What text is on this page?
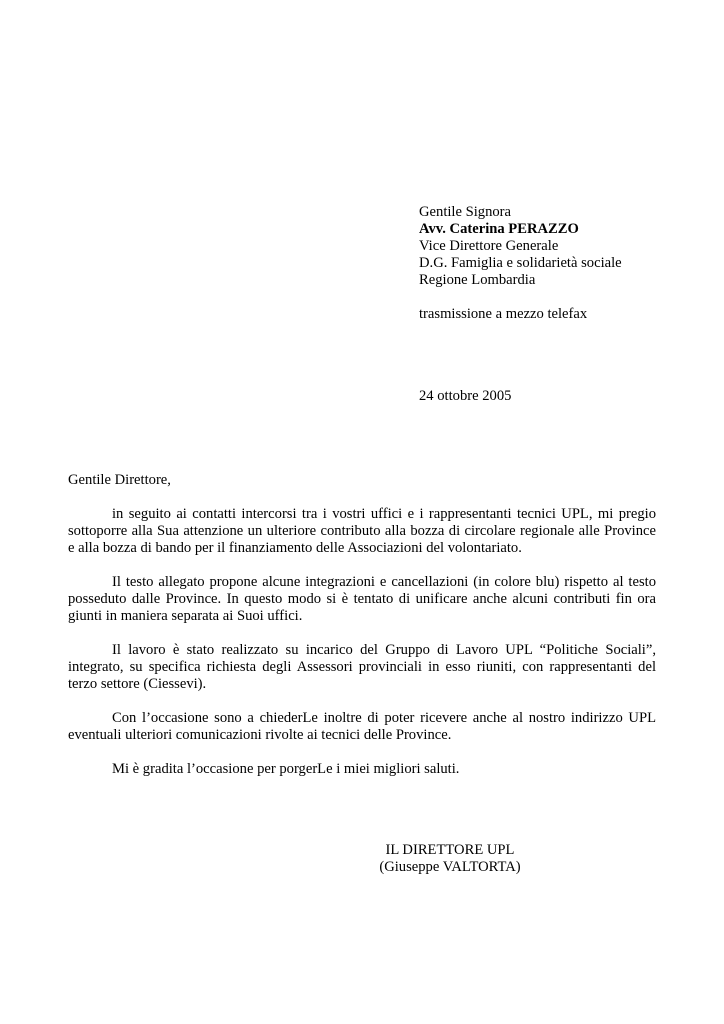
Gentile Signora
Avv. Caterina PERAZZO
Vice Direttore Generale
D.G. Famiglia e solidarietà sociale
Regione Lombardia
trasmissione a mezzo telefax
24 ottobre 2005
Gentile Direttore,

in seguito ai contatti intercorsi tra i vostri uffici e i rappresentanti tecnici UPL, mi pregio sottoporre alla Sua attenzione un ulteriore contributo alla bozza di circolare regionale alle Province e alla bozza di bando per il finanziamento delle Associazioni del volontariato.

Il testo allegato propone alcune integrazioni e cancellazioni (in colore blu) rispetto al testo posseduto dalle Province. In questo modo si è tentato di unificare anche alcuni contributi fin ora giunti in maniera separata ai Suoi uffici.

Il lavoro è stato realizzato su incarico del Gruppo di Lavoro UPL “Politiche Sociali”, integrato, su specifica richiesta degli Assessori provinciali in esso riuniti, con rappresentanti del terzo settore (Ciessevi).

Con l’occasione sono a chiederLe inoltre di poter ricevere anche al nostro indirizzo UPL eventuali ulteriori comunicazioni rivolte ai tecnici delle Province.

Mi è gradita l’occasione per porgerLe i miei migliori saluti.

IL DIRETTORE UPL
(Giuseppe VALTORTA)
